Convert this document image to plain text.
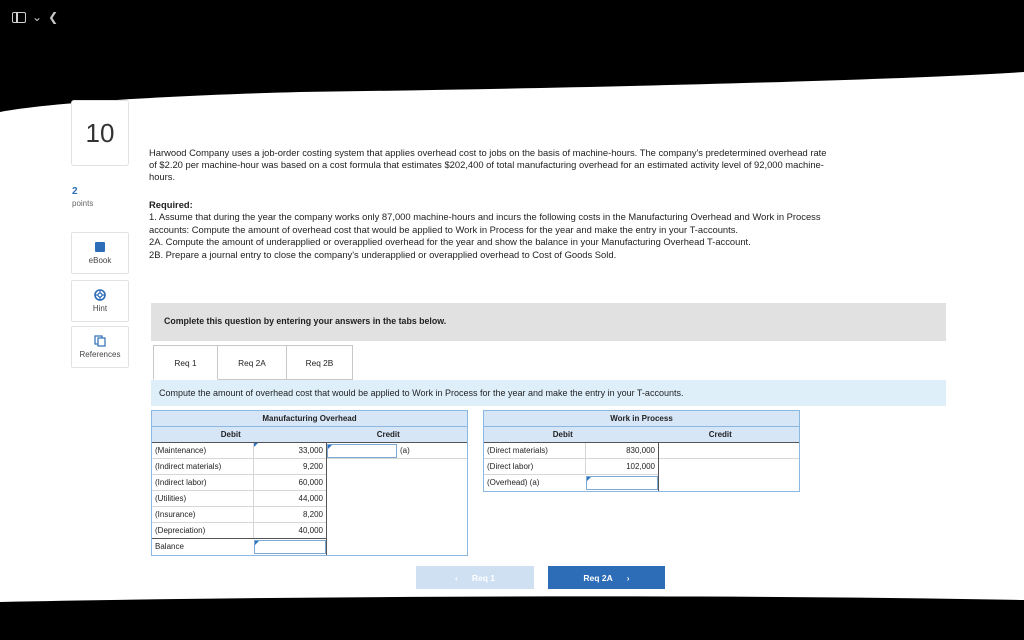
⌄ ❮
10
2
points
eBook
Hint
References
Harwood Company uses a job-order costing system that applies overhead cost to jobs on the basis of machine-hours. The company's predetermined overhead rate of $2.20 per machine-hour was based on a cost formula that estimates $202,400 of total manufacturing overhead for an estimated activity level of 92,000 machine-hours.
Required:
1. Assume that during the year the company works only 87,000 machine-hours and incurs the following costs in the Manufacturing Overhead and Work in Process accounts: Compute the amount of overhead cost that would be applied to Work in Process for the year and make the entry in your T-accounts.
2A. Compute the amount of underapplied or overapplied overhead for the year and show the balance in your Manufacturing Overhead T-account.
2B. Prepare a journal entry to close the company's underapplied or overapplied overhead to Cost of Goods Sold.
Complete this question by entering your answers in the tabs below.
Req 1	Req 2A	Req 2B
Compute the amount of overhead cost that would be applied to Work in Process for the year and make the entry in your T-accounts.
Manufacturing Overhead
Debit	Credit
(Maintenance)	33,000
(Indirect materials)	9,200
(Indirect labor)	60,000
(Utilities)	44,000
(Insurance)	8,200
(Depreciation)	40,000
Balance
(a)
Work in Process
Debit	Credit
(Direct materials)	830,000
(Direct labor)	102,000
(Overhead) (a)
‹ Req 1	Req 2A ›
